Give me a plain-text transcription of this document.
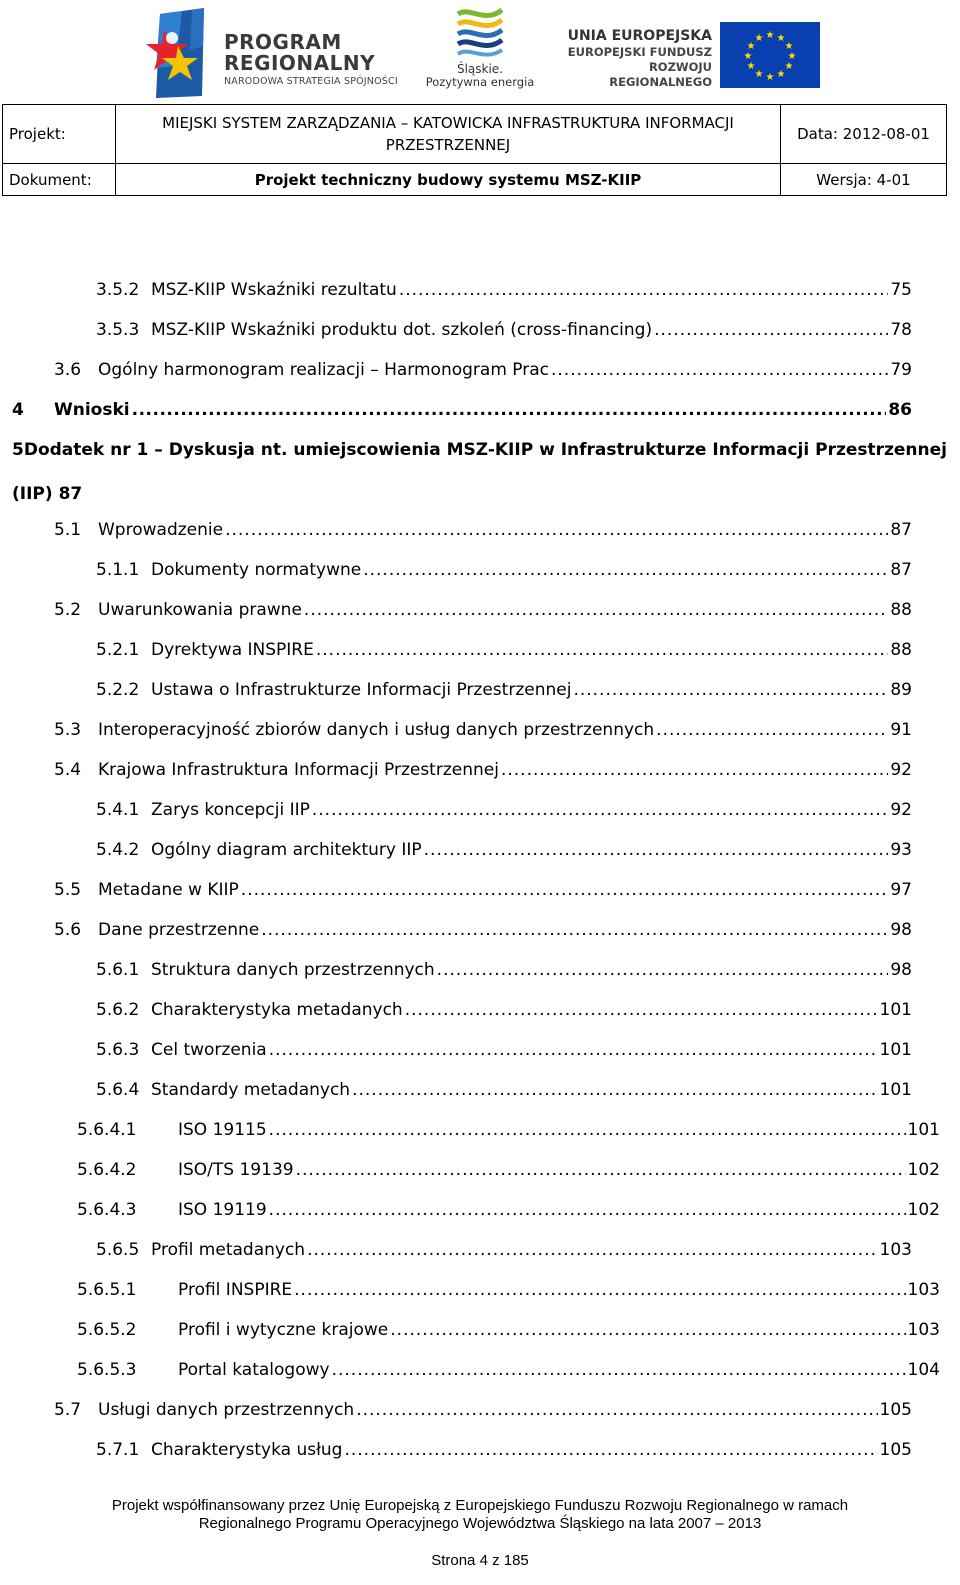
PROGRAM
REGIONALNY
NARODOWA STRATEGIA SPÓJNOŚCI
Śląskie.
Pozytywna energia
UNIA EUROPEJSKA
EUROPEJSKI FUNDUSZ
ROZWOJU REGIONALNEGO
★ ★
★
★
★
★
★
★
★
★
★
★
Projekt:	MIEJSKI SYSTEM ZARZĄDZANIA – KATOWICKA INFRASTRUKTURA INFORMACJI PRZESTRZENNEJ	Data: 2012-08-01
Dokument:	Projekt techniczny budowy systemu MSZ-KIIP	Wersja: 4-01
3.5.2 MSZ-KIIP Wskaźniki rezultatu .....	75
3.5.3 MSZ-KIIP Wskaźniki produktu dot. szkoleń (cross-financing) .....	78
3.6 Ogólny harmonogram realizacji – Harmonogram Prac .....	79
4	Wnioski .....	86
5 Dodatek nr 1 – Dyskusja nt. umiejscowienia MSZ-KIIP w Infrastrukturze Informacji Przestrzennej
(IIP) 87
5.1 Wprowadzenie .....	87
5.1.1 Dokumenty normatywne .....	87
5.2 Uwarunkowania prawne .....	88
5.2.1 Dyrektywa INSPIRE .....	88
5.2.2 Ustawa o Infrastrukturze Informacji Przestrzennej .....	89
5.3 Interoperacyjność zbiorów danych i usług danych przestrzennych .....	91
5.4 Krajowa Infrastruktura Informacji Przestrzennej .....	92
5.4.1 Zarys koncepcji IIP .....	92
5.4.2 Ogólny diagram architektury IIP .....	93
5.5 Metadane w KIIP .....	97
5.6 Dane przestrzenne .....	98
5.6.1 Struktura danych przestrzennych .....	98
5.6.2 Charakterystyka metadanych .....	101
5.6.3 Cel tworzenia .....	101
5.6.4 Standardy metadanych .....	101
5.6.4.1	ISO 19115 .....	101
5.6.4.2	ISO/TS 19139 .....	102
5.6.4.3	ISO 19119 .....	102
5.6.5 Profil metadanych .....	103
5.6.5.1	Profil INSPIRE .....	103
5.6.5.2	Profil i wytyczne krajowe .....	103
5.6.5.3	Portal katalogowy .....	104
5.7 Usługi danych przestrzennych .....	105
5.7.1 Charakterystyka usług .....	105
Projekt współfinansowany przez Unię Europejską z Europejskiego Funduszu Rozwoju Regionalnego w ramach
Regionalnego Programu Operacyjnego Województwa Śląskiego na lata 2007 – 2013
Strona 4 z 185
